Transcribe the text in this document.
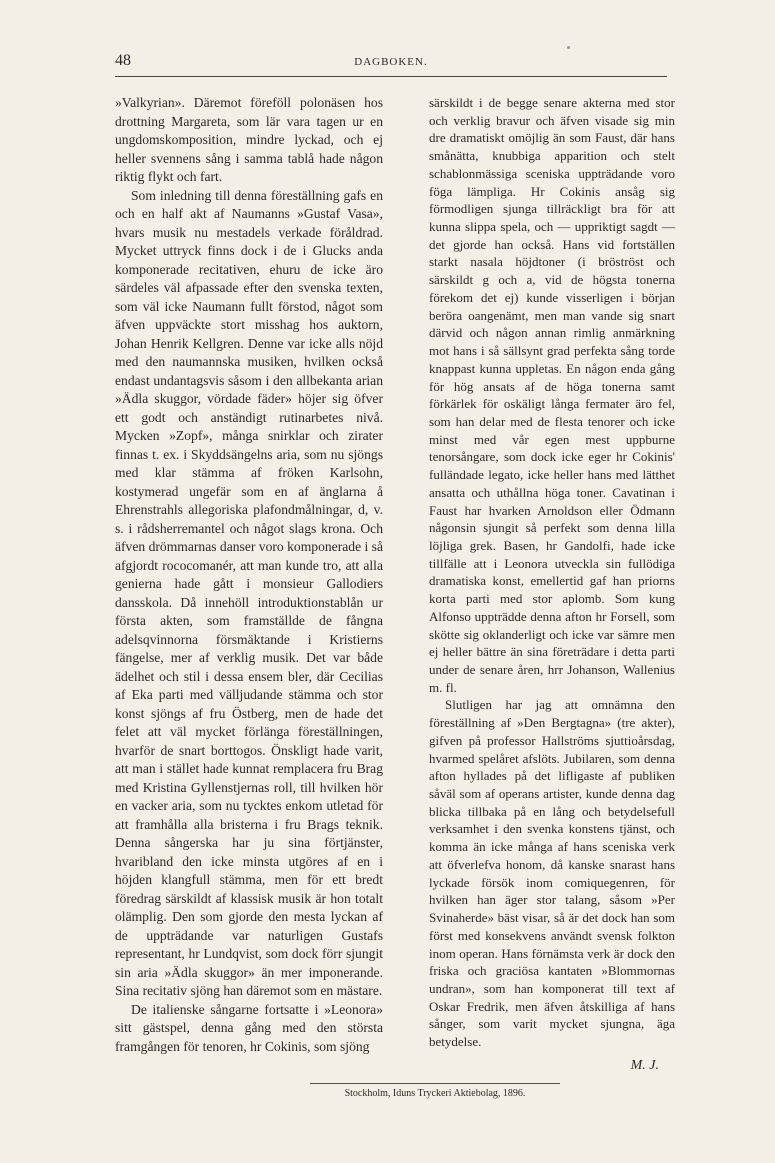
48	DAGBOKEN.

»Valkyrian». Däremot föreföll polonäsen hos drottning Margareta, som lär vara tagen ur en ungdomskomposition, mindre lyckad, och ej heller svennens sång i samma tablå hade någon riktig flykt och fart.

Som inledning till denna föreställning gafs en och en half akt af Naumanns »Gustaf Vasa», hvars musik nu mestadels verkade föråldrad. Mycket uttryck finns dock i de i Glucks anda komponerade recitativen, ehuru de icke äro särdeles väl afpassade efter den svenska texten, som väl icke Naumann fullt förstod, något som äfven uppväckte stort misshag hos auktorn, Johan Henrik Kellgren. Denne var icke alls nöjd med den naumannska musiken, hvilken också endast undantagsvis såsom i den allbekanta arian »Ädla skuggor, vördade fäder» höjer sig öfver ett godt och anständigt rutinarbetes nivå. Mycken »Zopf», många snirklar och zirater finnas t. ex. i Skyddsängelns aria, som nu sjöngs med klar stämma af fröken Karlsohn, kostymerad ungefär som en af änglarna å Ehrenstrahls allegoriska plafondmålningar, d, v. s. i rådsherremantel och något slags krona. Och äfven drömmarnas danser voro komponerade i så afgjordt rococomanér, att man kunde tro, att alla genierna hade gått i monsieur Gallodiers dansskola. Då innehöll introduktionstablån ur första akten, som framställde de fångna adelsqvinnorna försmäktande i Kristierns fängelse, mer af verklig musik. Det var både ädelhet och stil i dessa ensem bler, där Cecilias af Eka parti med välljudande stämma och stor konst sjöngs af fru Östberg, men de hade det felet att väl mycket förlänga föreställningen, hvarför de snart borttogos. Önskligt hade varit, att man i stället hade kunnat remplacera fru Brag med Kristina Gyllenstjernas roll, till hvilken hör en vacker aria, som nu tycktes enkom utletad för att framhålla alla bristerna i fru Brags teknik. Denna sångerska har ju sina förtjänster, hvaribland den icke minsta utgöres af en i höjden klangfull stämma, men för ett bredt föredrag särskildt af klassisk musik är hon totalt olämplig. Den som gjorde den mesta lyckan af de uppträdande var naturligen Gustafs representant, hr Lundqvist, som dock förr sjungit sin aria »Ädla skuggor» än mer imponerande. Sina recitativ sjöng han däremot som en mästare.

De italienske sångarne fortsatte i »Leonora» sitt gästspel, denna gång med den största framgången för tenoren, hr Cokinis, som sjöng

särskildt i de begge senare akterna med stor och verklig bravur och äfven visade sig min dre dramatiskt omöjlig än som Faust, där hans smånätta, knubbiga apparition och stelt schablonmässiga sceniska uppträdande voro föga lämpliga. Hr Cokinis ansåg sig förmodligen sjunga tillräckligt bra för att kunna slippa spela, och — uppriktigt sagdt — det gjorde han också. Hans vid fortställen starkt nasala höjdtoner (i bröströst och särskildt g och a, vid de högsta tonerna förekom det ej) kunde visserligen i början beröra oangenämt, men man vande sig snart därvid och någon annan rimlig anmärkning mot hans i så sällsynt grad perfekta sång torde knappast kunna uppletas. En någon enda gång för hög ansats af de höga tonerna samt förkärlek för oskäligt långa fermater äro fel, som han delar med de flesta tenorer och icke minst med vår egen mest uppburne tenorsångare, som dock icke eger hr Cokinis' fulländade legato, icke heller hans med lätthet ansatta och uthållna höga toner. Cavatinan i Faust har hvarken Arnoldson eller Ödmann någonsin sjungit så perfekt som denna lilla löjliga grek. Basen, hr Gandolfi, hade icke tillfälle att i Leonora utveckla sin fullödiga dramatiska konst, emellertid gaf han priorns korta parti med stor aplomb. Som kung Alfonso uppträdde denna afton hr Forsell, som skötte sig oklanderligt och icke var sämre men ej heller bättre än sina företrädare i detta parti under de senare åren, hrr Johanson, Wallenius m. fl.

Slutligen har jag att omnämna den föreställning af »Den Bergtagna» (tre akter), gifven på professor Hallströms sjuttioårsdag, hvarmed spelåret afslöts. Jubilaren, som denna afton hyllades på det lifligaste af publiken såväl som af operans artister, kunde denna dag blicka tillbaka på en lång och betydelsefull verksamhet i den svenka konstens tjänst, och komma än icke många af hans sceniska verk att öfverlefva honom, då kanske snarast hans lyckade försök inom comiquegenren, för hvilken han äger stor talang, såsom »Per Svinaherde» bäst visar, så är det dock han som först med konsekvens användt svensk folkton inom operan. Hans förnämsta verk är dock den friska och graciösa kantaten »Blommornas undran», som han komponerat till text af Oskar Fredrik, men äfven åtskilliga af hans sånger, som varit mycket sjungna, äga betydelse.

M. J.
Stockholm, Iduns Tryckeri Aktiebolag, 1896.
